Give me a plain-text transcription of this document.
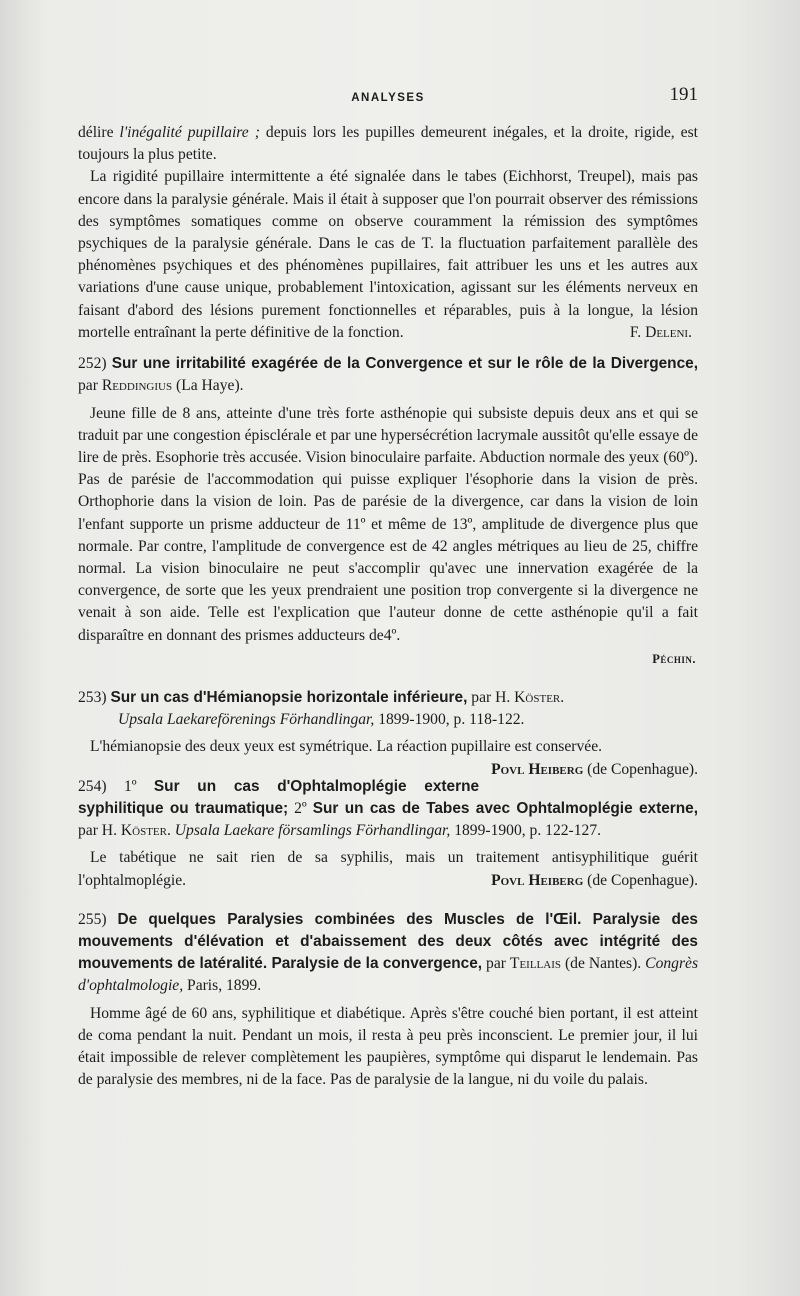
ANALYSES	191

délire l'inégalité pupillaire ; depuis lors les pupilles demeurent inégales, et la droite, rigide, est toujours la plus petite.

La rigidité pupillaire intermittente a été signalée dans le tabes (Eichhorst, Treupel), mais pas encore dans la paralysie générale. Mais il était à supposer que l'on pourrait observer des rémissions des symptômes somatiques comme on observe couramment la rémission des symptômes psychiques de la paralysie générale. Dans le cas de T. la fluctuation parfaitement parallèle des phénomènes psychiques et des phénomènes pupillaires, fait attribuer les uns et les autres aux variations d'une cause unique, probablement l'intoxication, agissant sur les éléments nerveux en faisant d'abord des lésions purement fonctionnelles et réparables, puis à la longue, la lésion mortelle entraînant la perte définitive de la fonction.	F. Deleni.

252) Sur une irritabilité exagérée de la Convergence et sur le rôle de la Divergence, par Reddingius (La Haye).

Jeune fille de 8 ans, atteinte d'une très forte asthénopie qui subsiste depuis deux ans et qui se traduit par une congestion épisclérale et par une hypersécrétion lacrymale aussitôt qu'elle essaye de lire de près. Esophorie très accusée. Vision binoculaire parfaite. Abduction normale des yeux (60º). Pas de parésie de l'accommodation qui puisse expliquer l'ésophorie dans la vision de près. Orthophorie dans la vision de loin. Pas de parésie de la divergence, car dans la vision de loin l'enfant supporte un prisme adducteur de 11º et même de 13º, amplitude de divergence plus que normale. Par contre, l'amplitude de convergence est de 42 angles métriques au lieu de 25, chiffre normal. La vision binoculaire ne peut s'accomplir qu'avec une innervation exagérée de la convergence, de sorte que les yeux prendraient une position trop convergente si la divergence ne venait à son aide. Telle est l'explication que l'auteur donne de cette asthénopie qu'il a fait disparaître en donnant des prismes adducteurs de4º.

Péchin.

253) Sur un cas d'Hémianopsie horizontale inférieure, par H. Köster.
Upsala Laekareförenings Förhandlingar, 1899-1900, p. 118-122.

L'hémianopsie des deux yeux est symétrique. La réaction pupillaire est conservée.
Povl Heiberg (de Copenhague).

254) 1º Sur un cas d'Ophtalmoplégie externe syphilitique ou traumatique; 2º Sur un cas de Tabes avec Ophtalmoplégie externe, par H. Köster. Upsala Laekare församlings Förhandlingar, 1899-1900, p. 122-127.

Le tabétique ne sait rien de sa syphilis, mais un traitement antisyphilitique guérit l'ophtalmoplégie.	Povl Heiberg (de Copenhague).

255) De quelques Paralysies combinées des Muscles de l'Œil. Paralysie des mouvements d'élévation et d'abaissement des deux côtés avec intégrité des mouvements de latéralité. Paralysie de la convergence, par Teillais (de Nantes). Congrès d'ophtalmologie, Paris, 1899.

Homme âgé de 60 ans, syphilitique et diabétique. Après s'être couché bien portant, il est atteint de coma pendant la nuit. Pendant un mois, il resta à peu près inconscient. Le premier jour, il lui était impossible de relever complètement les paupières, symptôme qui disparut le lendemain. Pas de paralysie des membres, ni de la face. Pas de paralysie de la langue, ni du voile du palais.
